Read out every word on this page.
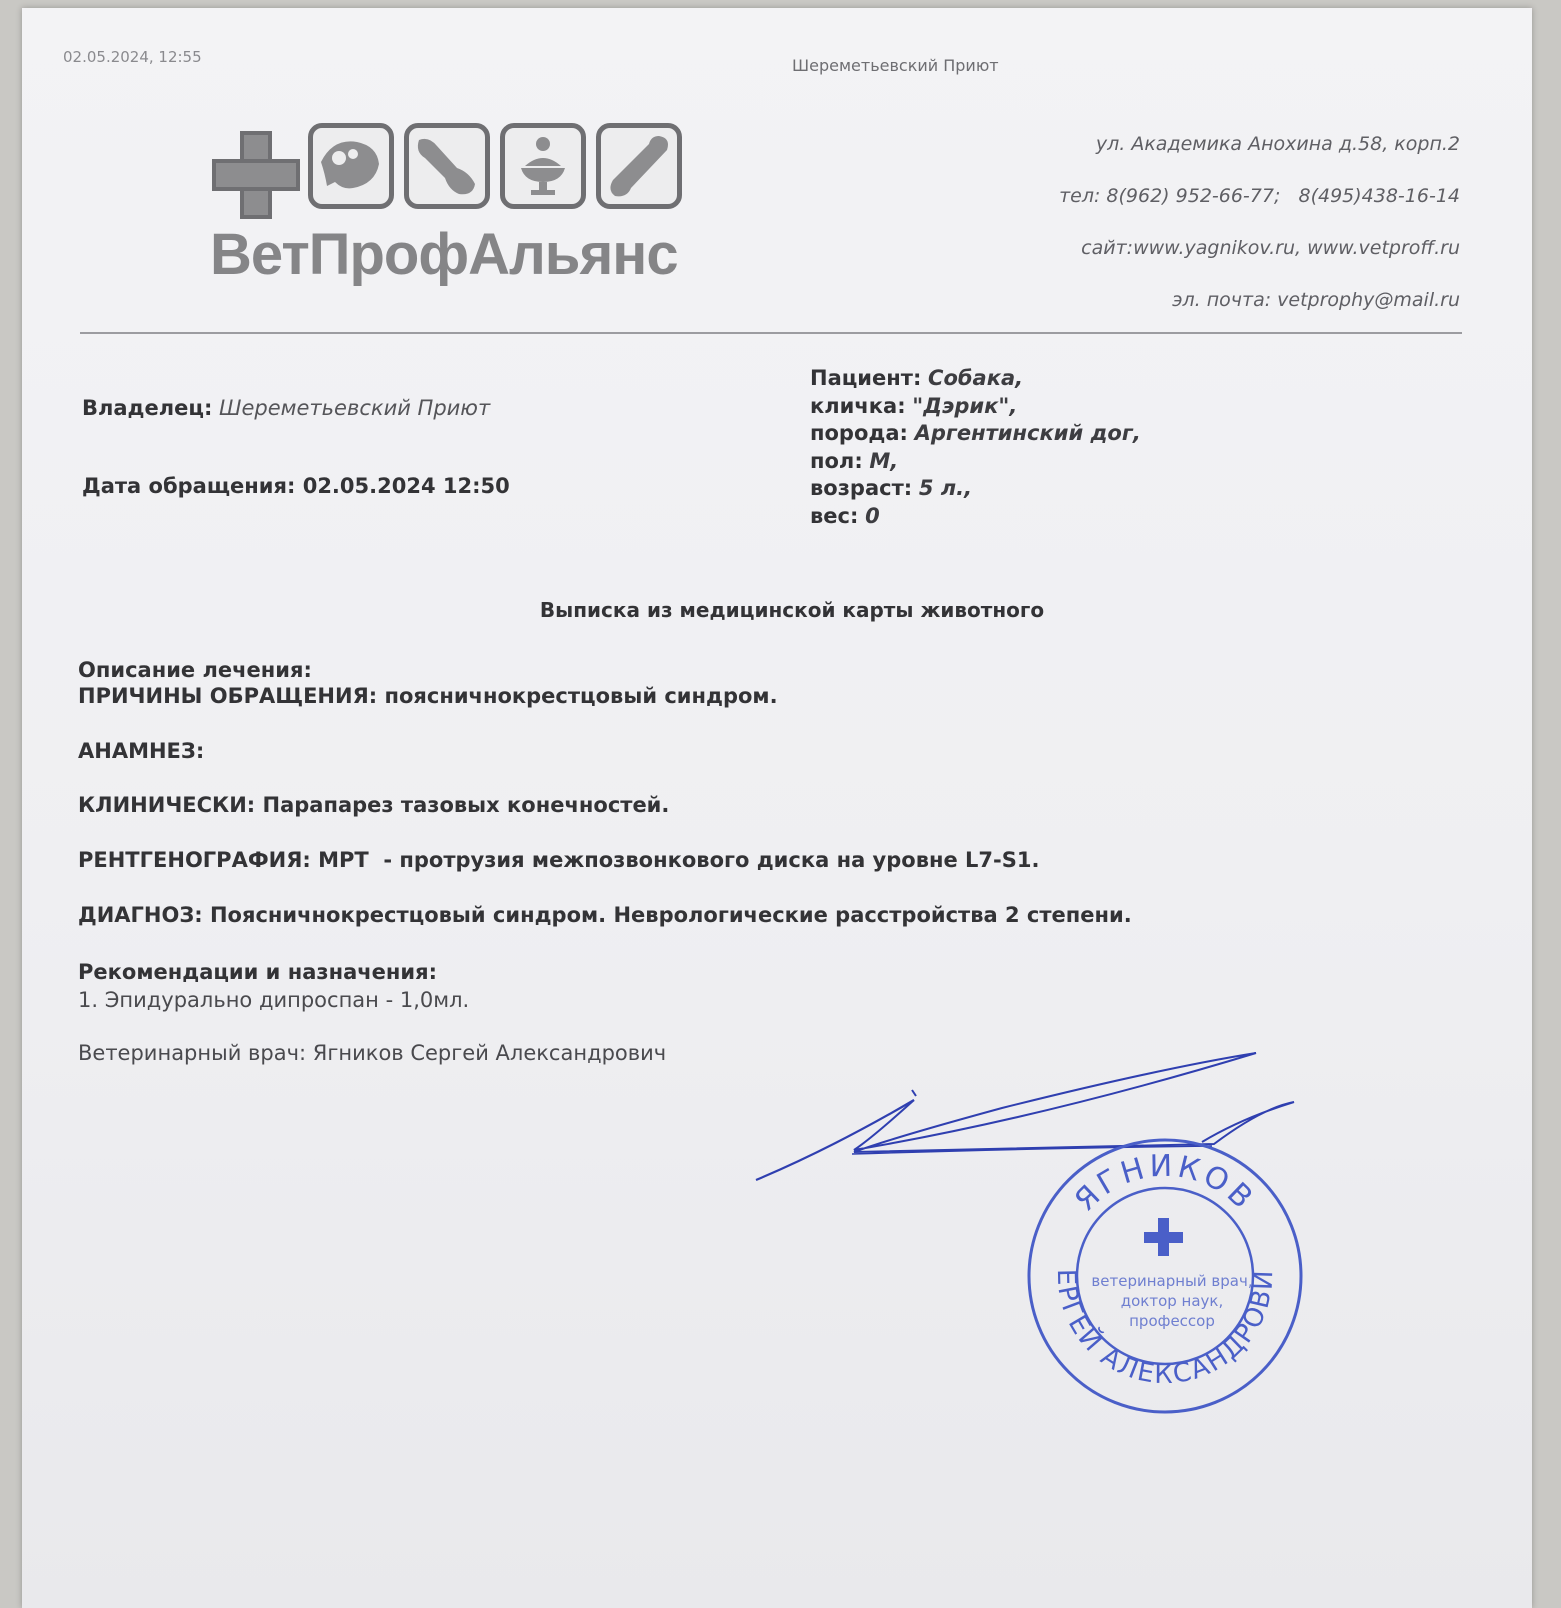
02.05.2024, 12:55	Шереметьевский Приют
ВетПрофАльянс
ул. Академика Анохина д.58, корп.2
тел: 8(962) 952-66-77;   8(495)438-16-14
сайт:www.yagnikov.ru, www.vetproff.ru
эл. почта: vetprophy@mail.ru
Владелец: Шереметьевский Приют
Дата обращения: 02.05.2024 12:50
Пациент: Собака,
кличка: "Дэрик",
порода: Аргентинский дог,
пол: М,
возраст: 5 л.,
вес: 0
Выписка из медицинской карты животного
Описание лечения:
ПРИЧИНЫ ОБРАЩЕНИЯ: поясничнокрестцовый синдром.
АНАМНЕЗ:
КЛИНИЧЕСКИ: Парапарез тазовых конечностей.
РЕНТГЕНОГРАФИЯ: МРТ  - протрузия межпозвонкового диска на уровне L7-S1.
ДИАГНОЗ: Поясничнокрестцовый синдром. Неврологические расстройства 2 степени.
Рекомендации и назначения:
1. Эпидурально дипроспан - 1,0мл.
Ветеринарный врач: Ягников Сергей Александрович
ЯГНИКОВ
ЕРГЕЙ АЛЕКСАНДРОВИ
ветеринарный врач,
доктор наук,
профессор
